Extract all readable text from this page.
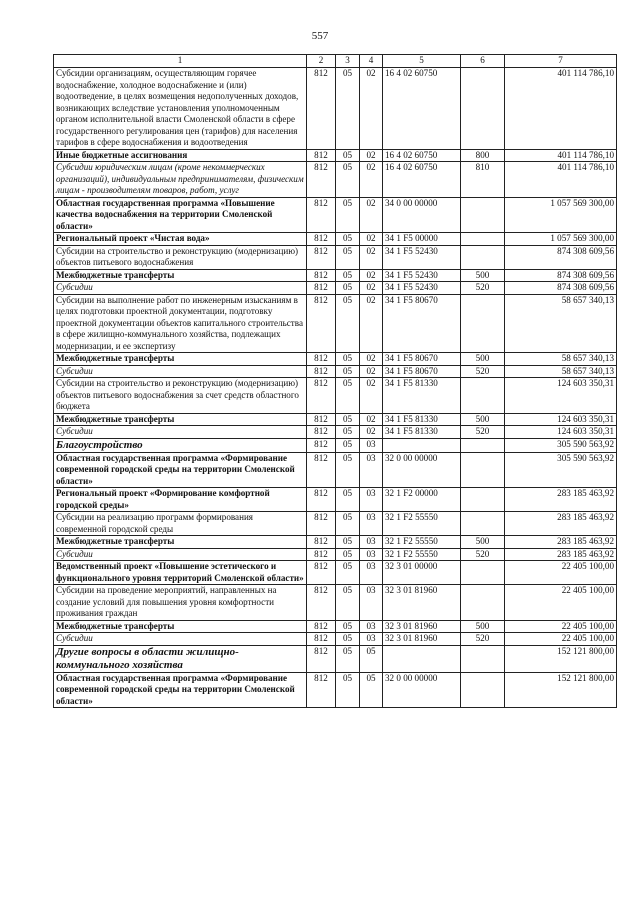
557
1	2	3	4	5	6	7
Субсидии организациям, осуществляющим горячее водоснабжение, холодное водоснабжение и (или) водоотведение, в целях возмещения недополученных доходов, возникающих вследствие установления уполномоченным органом исполнительной власти Смоленской области в сфере государственного регулирования цен (тарифов) для населения тарифов в сфере водоснабжения и водоотведения	812	05	02	16 4 02 60750		401 114 786,10
Иные бюджетные ассигнования	812	05	02	16 4 02 60750	800	401 114 786,10
Субсидии юридическим лицам (кроме некоммерческих организаций), индивидуальным предпринимателям, физическим лицам - производителям товаров, работ, услуг	812	05	02	16 4 02 60750	810	401 114 786,10
Областная государственная программа «Повышение качества водоснабжения на территории Смоленской области»	812	05	02	34 0 00 00000		1 057 569 300,00
Региональный проект «Чистая вода»	812	05	02	34 1 F5 00000		1 057 569 300,00
Субсидии на строительство и реконструкцию (модернизацию) объектов питьевого водоснабжения	812	05	02	34 1 F5 52430		874 308 609,56
Межбюджетные трансферты	812	05	02	34 1 F5 52430	500	874 308 609,56
Субсидии	812	05	02	34 1 F5 52430	520	874 308 609,56
Субсидии на выполнение работ по инженерным изысканиям в целях подготовки проектной документации, подготовку проектной документации объектов капитального строительства в сфере жилищно-коммунального хозяйства, подлежащих модернизации, и ее экспертизу	812	05	02	34 1 F5 80670		58 657 340,13
Межбюджетные трансферты	812	05	02	34 1 F5 80670	500	58 657 340,13
Субсидии	812	05	02	34 1 F5 80670	520	58 657 340,13
Субсидии на строительство и реконструкцию (модернизацию) объектов питьевого водоснабжения за счет средств областного бюджета	812	05	02	34 1 F5 81330		124 603 350,31
Межбюджетные трансферты	812	05	02	34 1 F5 81330	500	124 603 350,31
Субсидии	812	05	02	34 1 F5 81330	520	124 603 350,31
Благоустройство	812	05	03			305 590 563,92
Областная государственная программа «Формирование современной городской среды на территории Смоленской области»	812	05	03	32 0 00 00000		305 590 563,92
Региональный проект «Формирование комфортной городской среды»	812	05	03	32 1 F2 00000		283 185 463,92
Субсидии на реализацию программ формирования современной городской среды	812	05	03	32 1 F2 55550		283 185 463,92
Межбюджетные трансферты	812	05	03	32 1 F2 55550	500	283 185 463,92
Субсидии	812	05	03	32 1 F2 55550	520	283 185 463,92
Ведомственный проект «Повышение эстетического и функционального уровня территорий Смоленской области»	812	05	03	32 3 01 00000		22 405 100,00
Субсидии на проведение мероприятий, направленных на создание условий для повышения уровня комфортности проживания граждан	812	05	03	32 3 01 81960		22 405 100,00
Межбюджетные трансферты	812	05	03	32 3 01 81960	500	22 405 100,00
Субсидии	812	05	03	32 3 01 81960	520	22 405 100,00
Другие вопросы в области жилищно-коммунального хозяйства	812	05	05			152 121 800,00
Областная государственная программа «Формирование современной городской среды на территории Смоленской области»	812	05	05	32 0 00 00000		152 121 800,00
